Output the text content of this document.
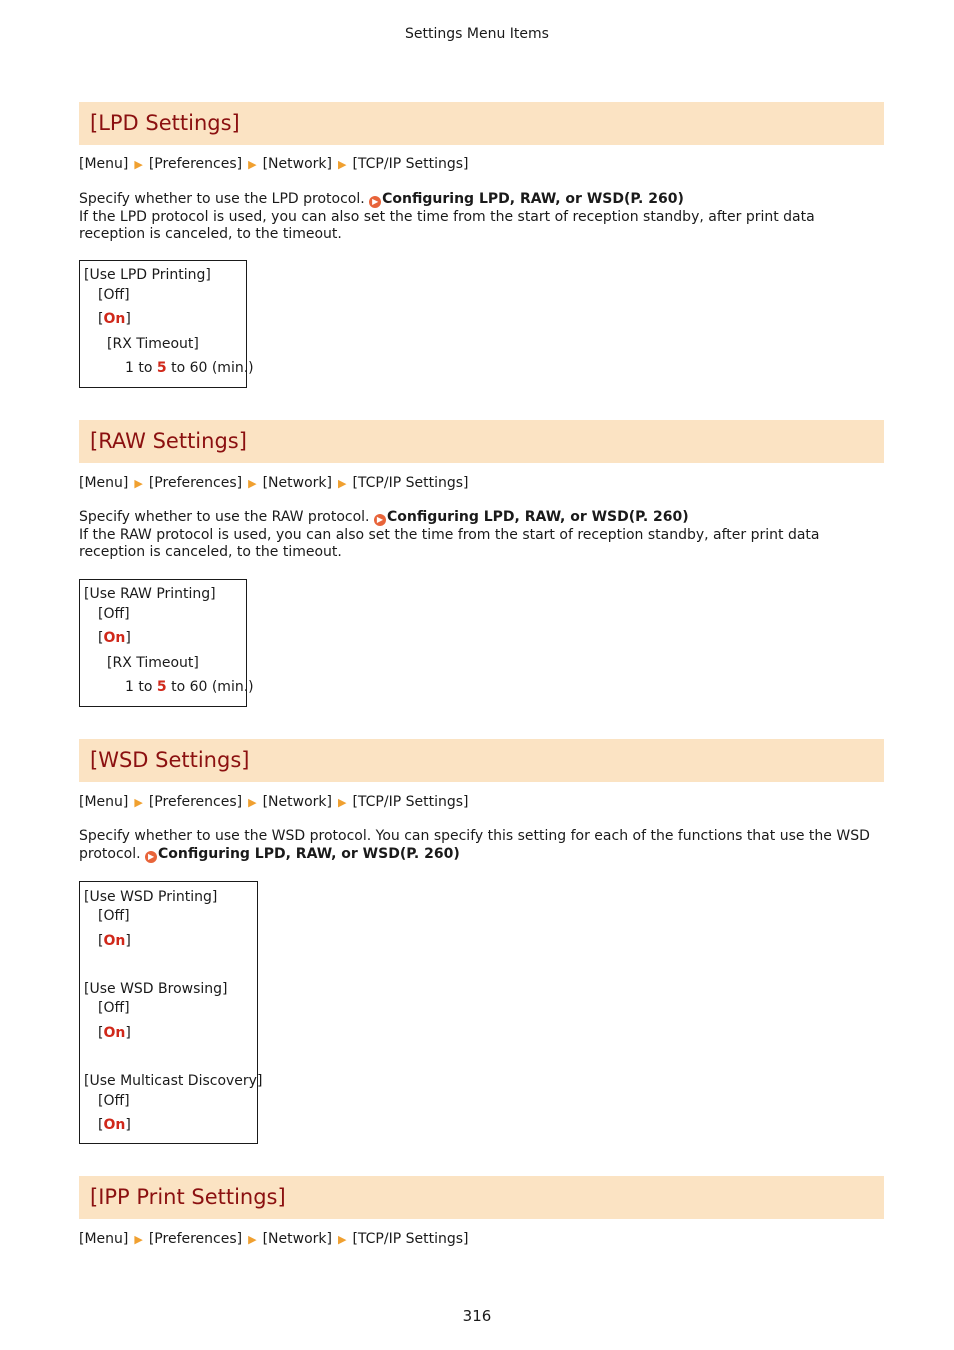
Settings Menu Items
[LPD Settings]
[Menu] ▶ [Preferences] ▶ [Network] ▶ [TCP/IP Settings]
Specify whether to use the LPD protocol. ▶ Configuring LPD, RAW, or WSD(P. 260)
If the LPD protocol is used, you can also set the time from the start of reception standby, after print data reception is canceled, to the timeout.
[Use LPD Printing]
[Off]
[On]
[RX Timeout]
1 to 5 to 60 (min.)
[RAW Settings]
[Menu] ▶ [Preferences] ▶ [Network] ▶ [TCP/IP Settings]
Specify whether to use the RAW protocol. ▶ Configuring LPD, RAW, or WSD(P. 260)
If the RAW protocol is used, you can also set the time from the start of reception standby, after print data reception is canceled, to the timeout.
[Use RAW Printing]
[Off]
[On]
[RX Timeout]
1 to 5 to 60 (min.)
[WSD Settings]
[Menu] ▶ [Preferences] ▶ [Network] ▶ [TCP/IP Settings]
Specify whether to use the WSD protocol. You can specify this setting for each of the functions that use the WSD protocol. ▶ Configuring LPD, RAW, or WSD(P. 260)
[Use WSD Printing]
[Off]
[On]
[Use WSD Browsing]
[Off]
[On]
[Use Multicast Discovery]
[Off]
[On]
[IPP Print Settings]
[Menu] ▶ [Preferences] ▶ [Network] ▶ [TCP/IP Settings]
316
